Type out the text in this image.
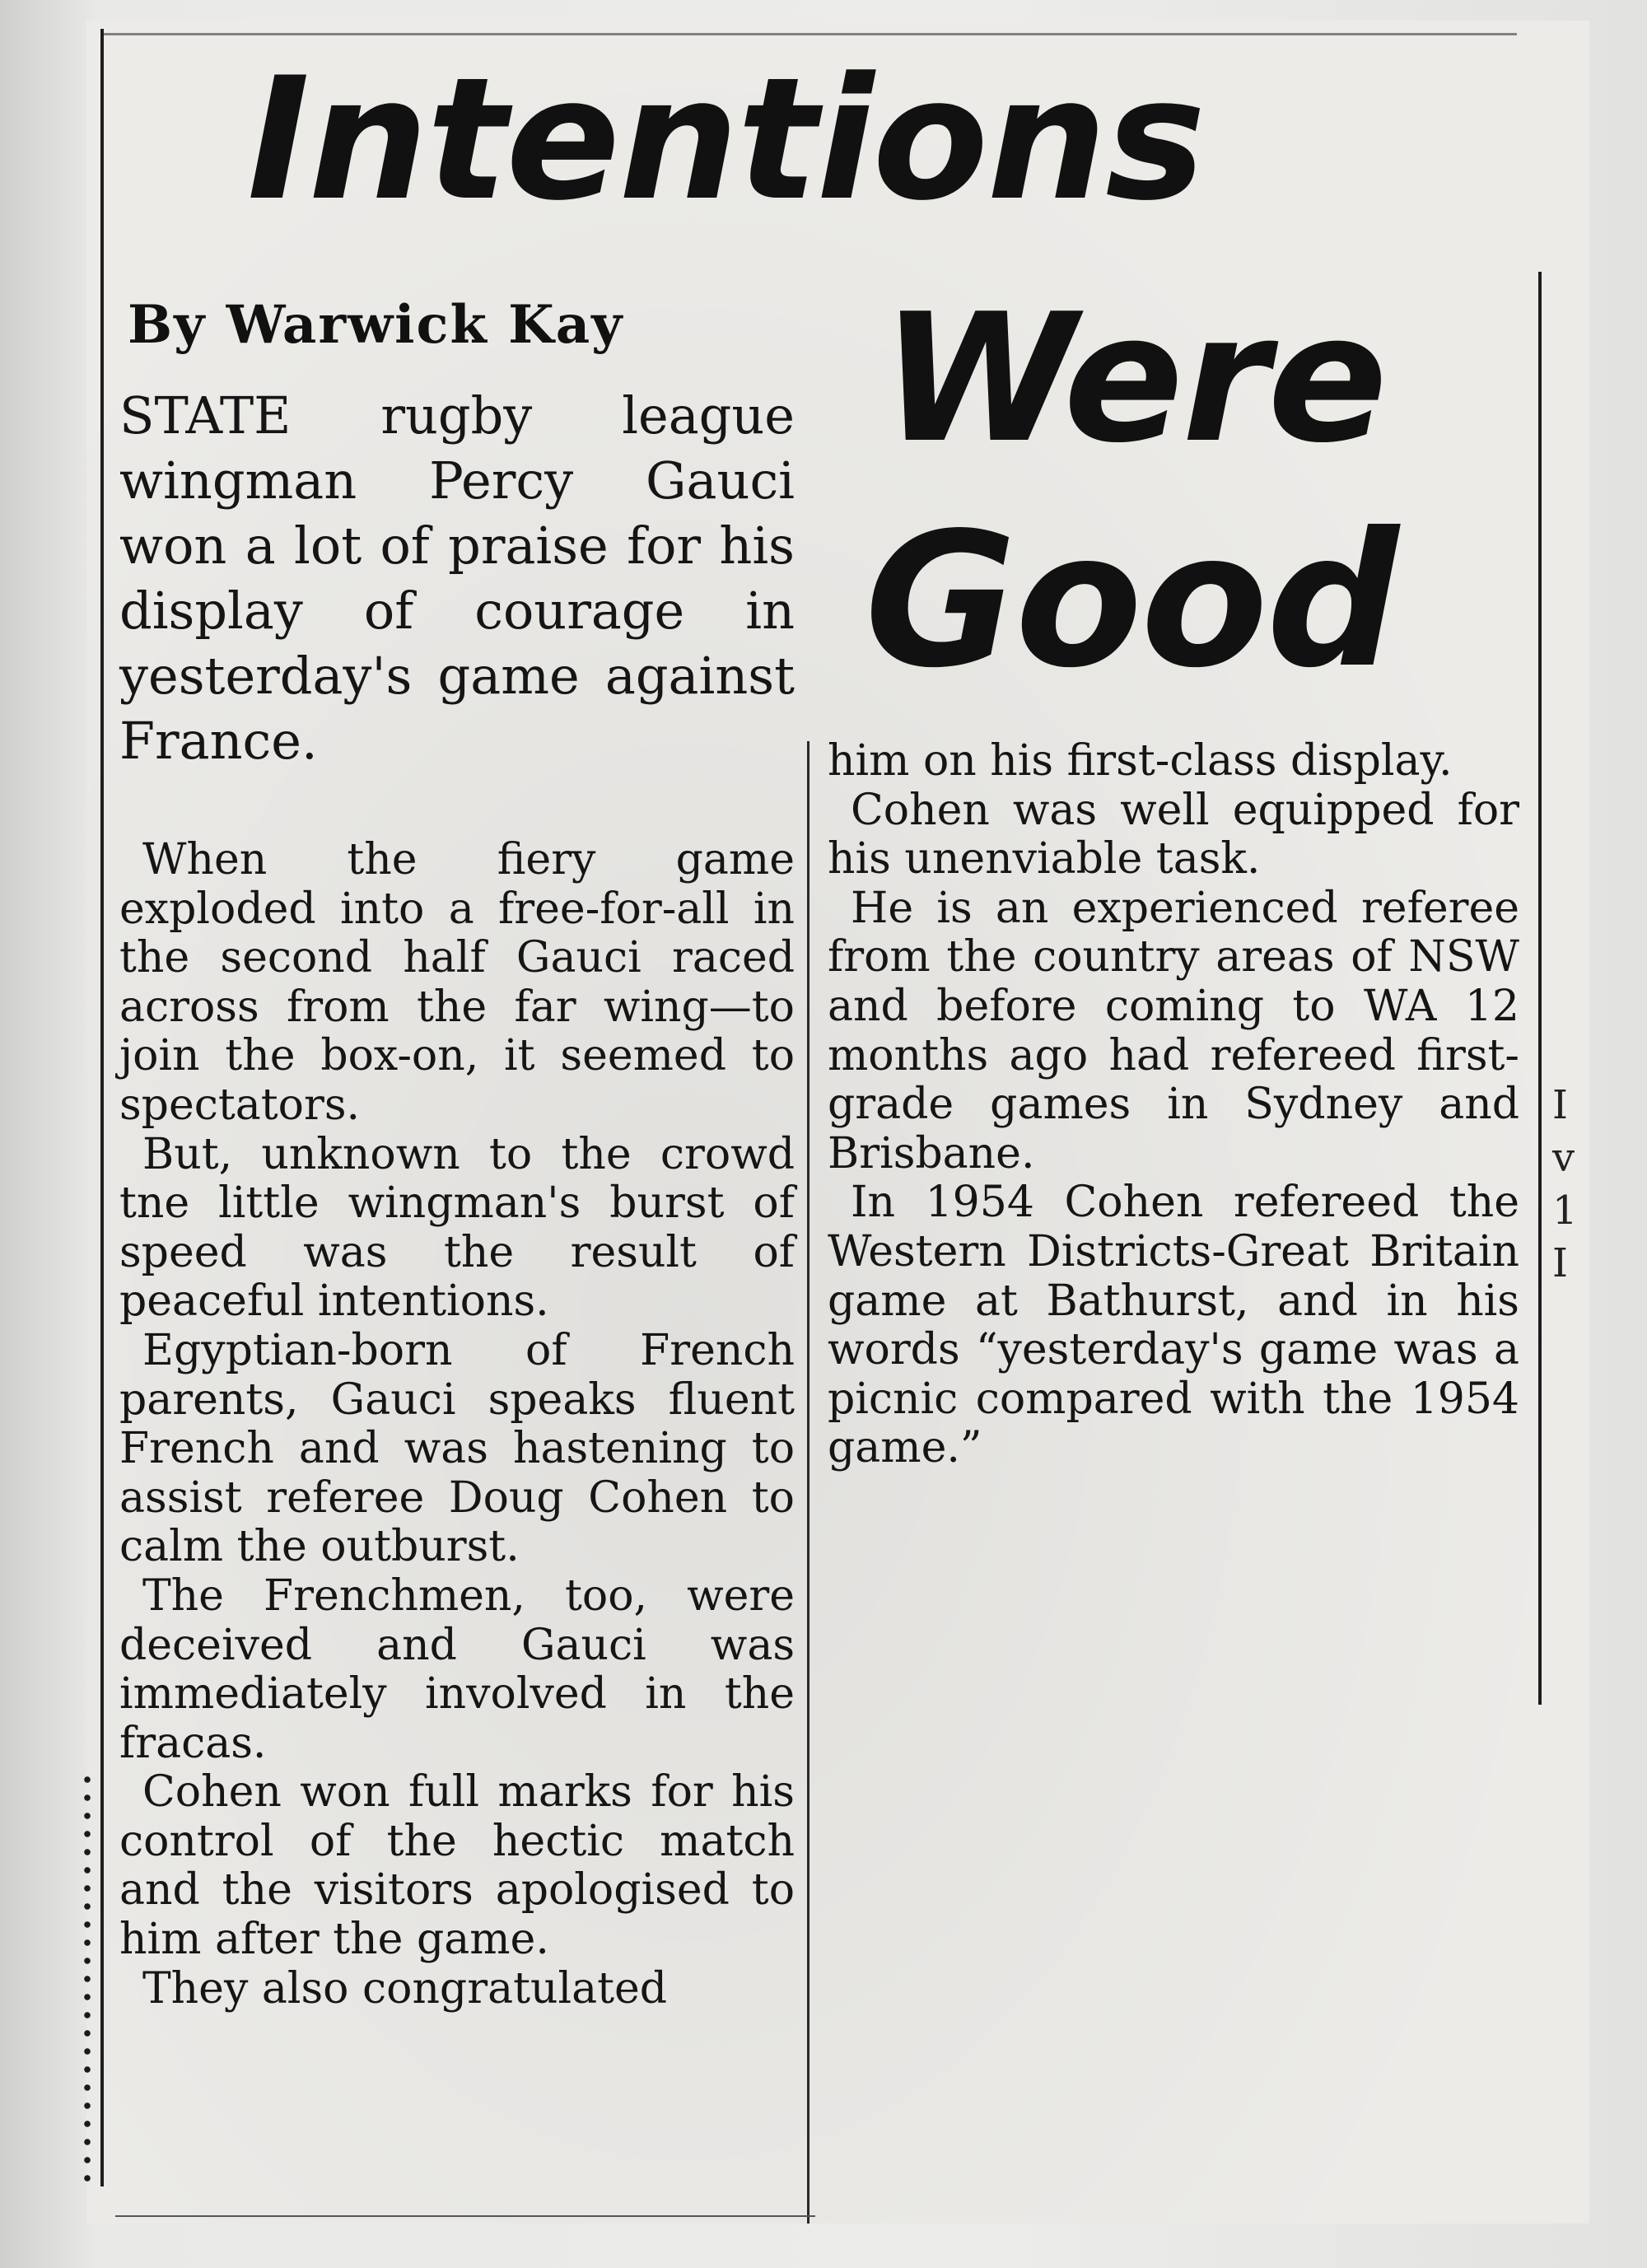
Intentions
Were
Good

By Warwick Kay

STATE rugby league wingman Percy Gauci won a lot of praise for his display of courage in yesterday's game against France.

When the fiery game exploded into a free-for-all in the second half Gauci raced across from the far wing—to join the box-on, it seemed to spectators.

But, unknown to the crowd tne little wingman's burst of speed was the result of peaceful intentions.

Egyptian-born of French parents, Gauci speaks fluent French and was hastening to assist referee Doug Cohen to calm the outburst.

The Frenchmen, too, were deceived and Gauci was immediately involved in the fracas.

Cohen won full marks for his control of the hectic match and the visitors apologised to him after the game.

They also congratulated

him on his first-class display.

Cohen was well equipped for his unenviable task.

He is an experienced referee from the country areas of NSW and before coming to WA 12 months ago had refereed first-grade games in Sydney and Brisbane.

In 1954 Cohen refereed the Western Districts-Great Britain game at Bathurst, and in his words “yesterday's game was a picnic compared with the 1954 game.”

I
v
1
I
